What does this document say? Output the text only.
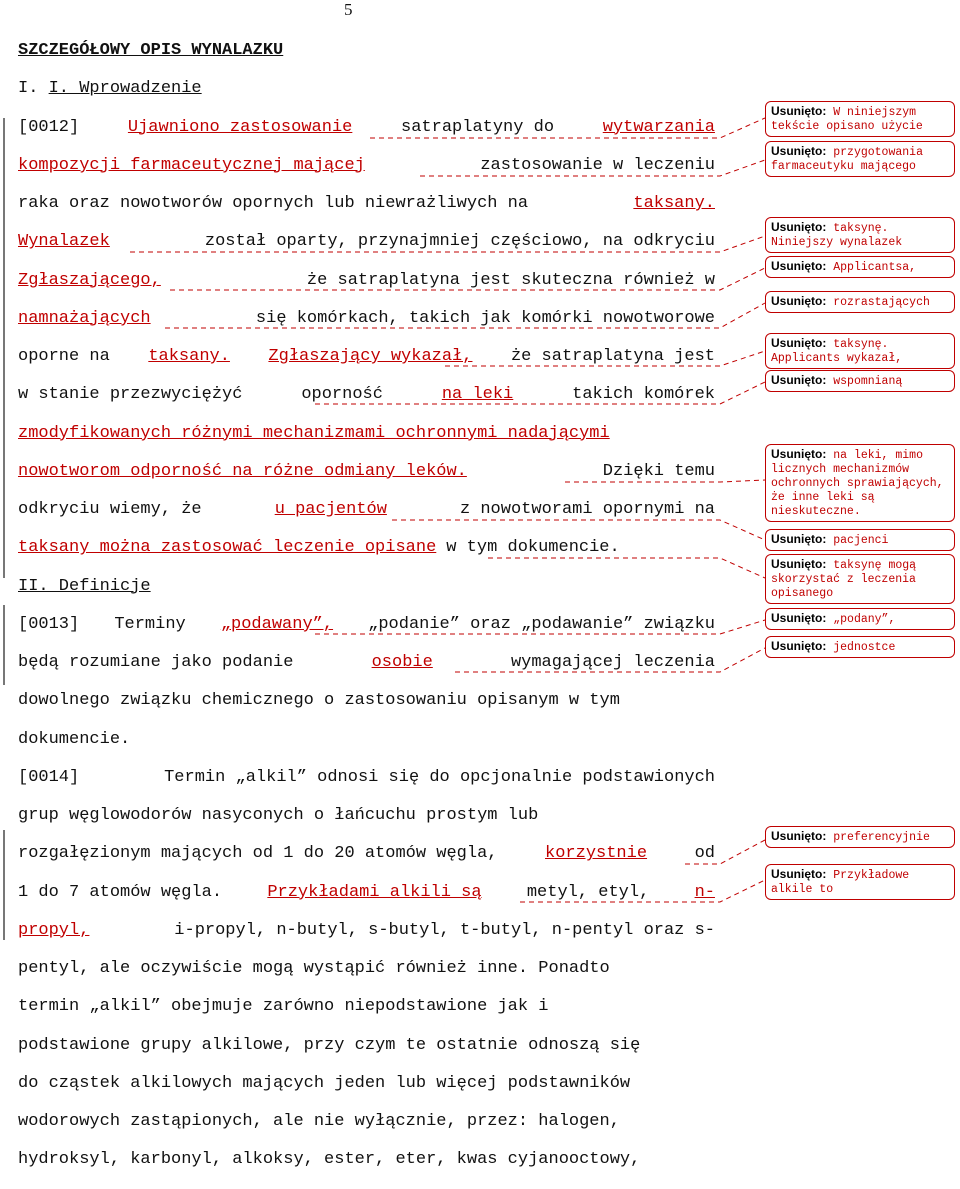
5
SZCZEGÓŁOWY OPIS WYNALAZKU
I. I. Wprowadzenie
[0012]	Ujawniono zastosowanie	satraplatyny do	wytwarzania
kompozycji farmaceutycznej mającej	zastosowanie w leczeniu
raka oraz nowotworów opornych lub niewrażliwych na	taksany.
Wynalazek	został oparty, przynajmniej częściowo, na odkryciu
Zgłaszającego,	że satraplatyna jest skuteczna również w
namnażających	się komórkach, takich jak komórki nowotworowe
oporne na taksany. Zgłaszający wykazał, że satraplatyna jest
w stanie przezwyciężyć	oporność	na leki	takich komórek
zmodyfikowanych różnymi mechanizmami ochronnymi nadającymi
nowotworom odporność na różne odmiany leków.	Dzięki temu
odkryciu wiemy, że	u pacjentów	z nowotworami opornymi na
taksany można zastosować leczenie opisane w tym dokumencie.
II. Definicje
[0013] Terminy „podawany”, „podanie” oraz „podawanie” związku
będą rozumiane jako podanie	osobie	wymagającej leczenia
dowolnego związku chemicznego o zastosowaniu opisanym w tym
dokumencie.
[0014]	Termin „alkil” odnosi się do opcjonalnie podstawionych
grup węglowodorów nasyconych o łańcuchu prostym lub
rozgałęzionym mających od 1 do 20 atomów węgla,	korzystnie	od
1 do 7 atomów węgla.	Przykładami alkili są	metyl, etyl,	n-
propyl,	i-propyl, n-butyl, s-butyl, t-butyl, n-pentyl oraz s-
pentyl, ale oczywiście mogą wystąpić również inne. Ponadto
termin „alkil” obejmuje zarówno niepodstawione jak i
podstawione grupy alkilowe, przy czym te ostatnie odnoszą się
do cząstek alkilowych mających jeden lub więcej podstawników
wodorowych zastąpionych, ale nie wyłącznie, przez: halogen,
hydroksyl, karbonyl, alkoksy, ester, eter, kwas cyjanooctowy,
Usunięto: W niniejszym tekście opisano użycie
Usunięto: przygotowania farmaceutyku mającego
Usunięto: taksynę. Niniejszy wynalazek
Usunięto: Applicantsa,
Usunięto: rozrastających
Usunięto: taksynę. Applicants wykazał,
Usunięto: wspomnianą
Usunięto: na leki, mimo licznych mechanizmów ochronnych sprawiających, że inne leki są nieskuteczne.
Usunięto: pacjenci
Usunięto: taksynę mogą skorzystać z leczenia opisanego
Usunięto: „podany”,
Usunięto: jednostce
Usunięto: preferencyjnie
Usunięto: Przykładowe alkile to
